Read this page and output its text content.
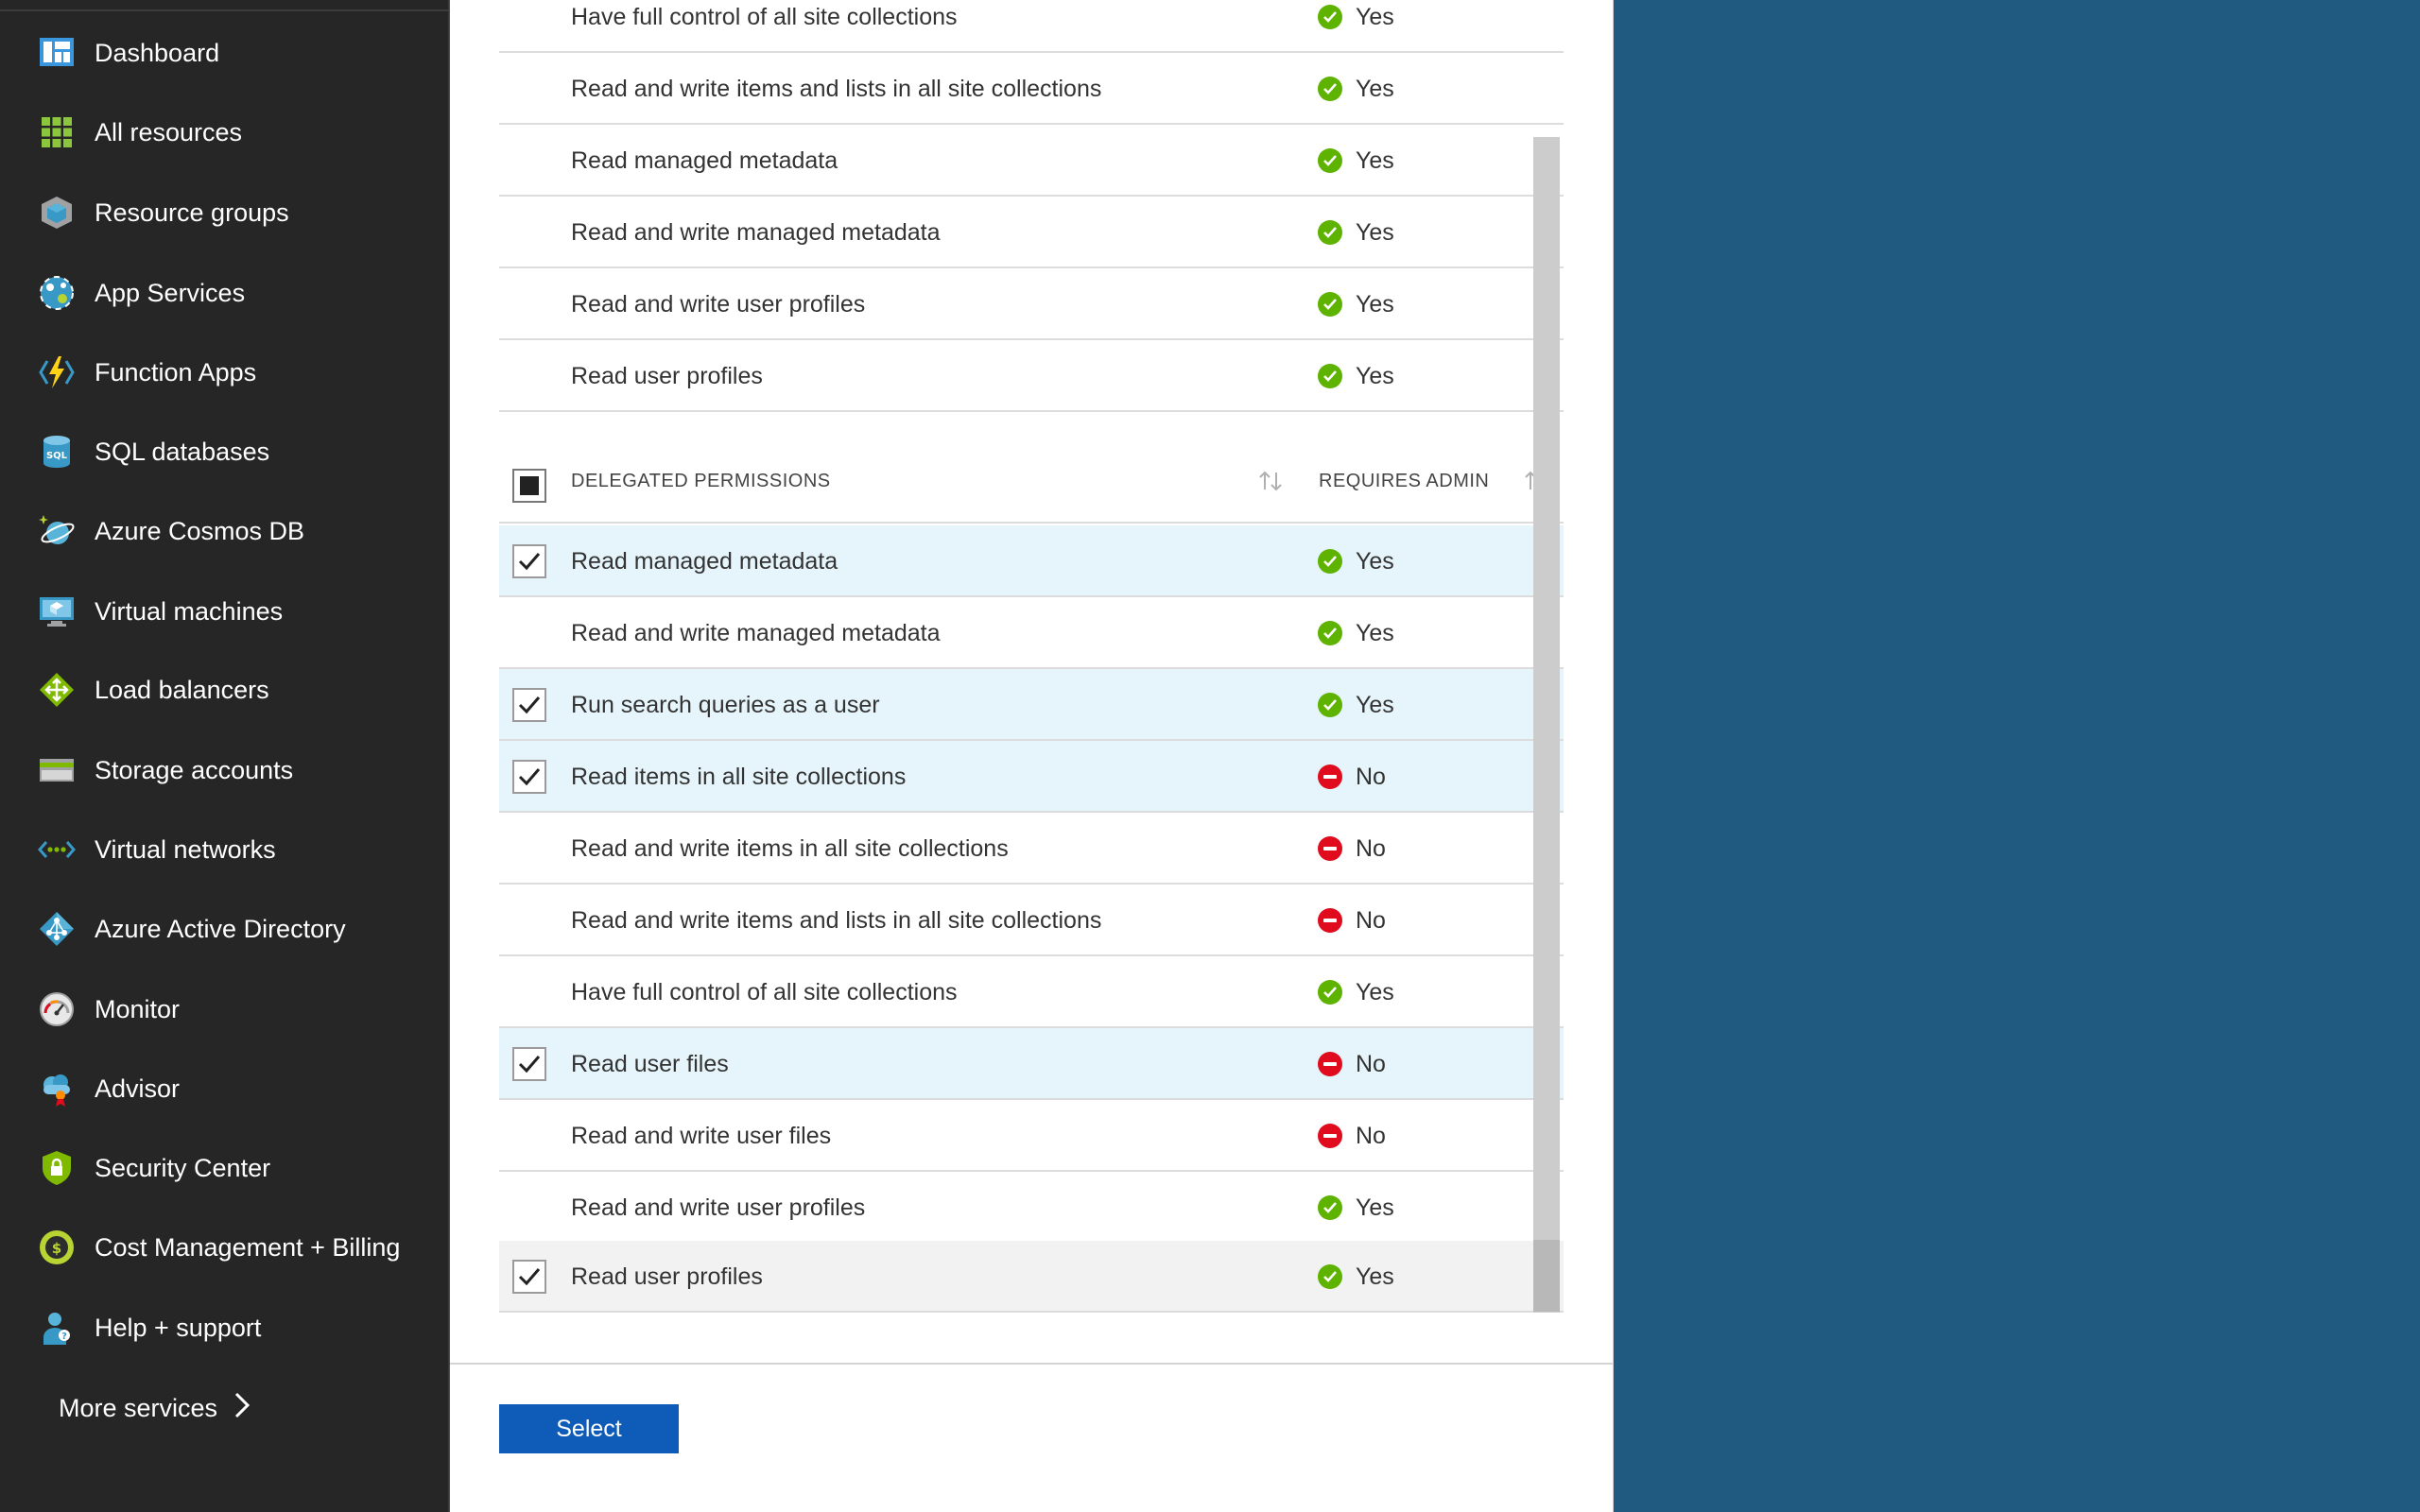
Dashboard
All resources
Resource groups
App Services
Function Apps
SQL SQL databases
Azure Cosmos DB
Virtual machines
Load balancers
Storage accounts
Virtual networks
Azure Active Directory
Monitor
Advisor
Security Center
$ Cost Management + Billing
? Help + support
More services
Have full control of all site collections	Yes
Read and write items and lists in all site collections	Yes
Read managed metadata	Yes
Read and write managed metadata	Yes
Read and write user profiles	Yes
Read user profiles	Yes
DELEGATED PERMISSIONS	REQUIRES ADMIN
Read managed metadata	Yes
Read and write managed metadata	Yes
Run search queries as a user	Yes
Read items in all site collections	No
Read and write items in all site collections	No
Read and write items and lists in all site collections	No
Have full control of all site collections	Yes
Read user files	No
Read and write user files	No
Read and write user profiles	Yes
Read user profiles	Yes
Select
